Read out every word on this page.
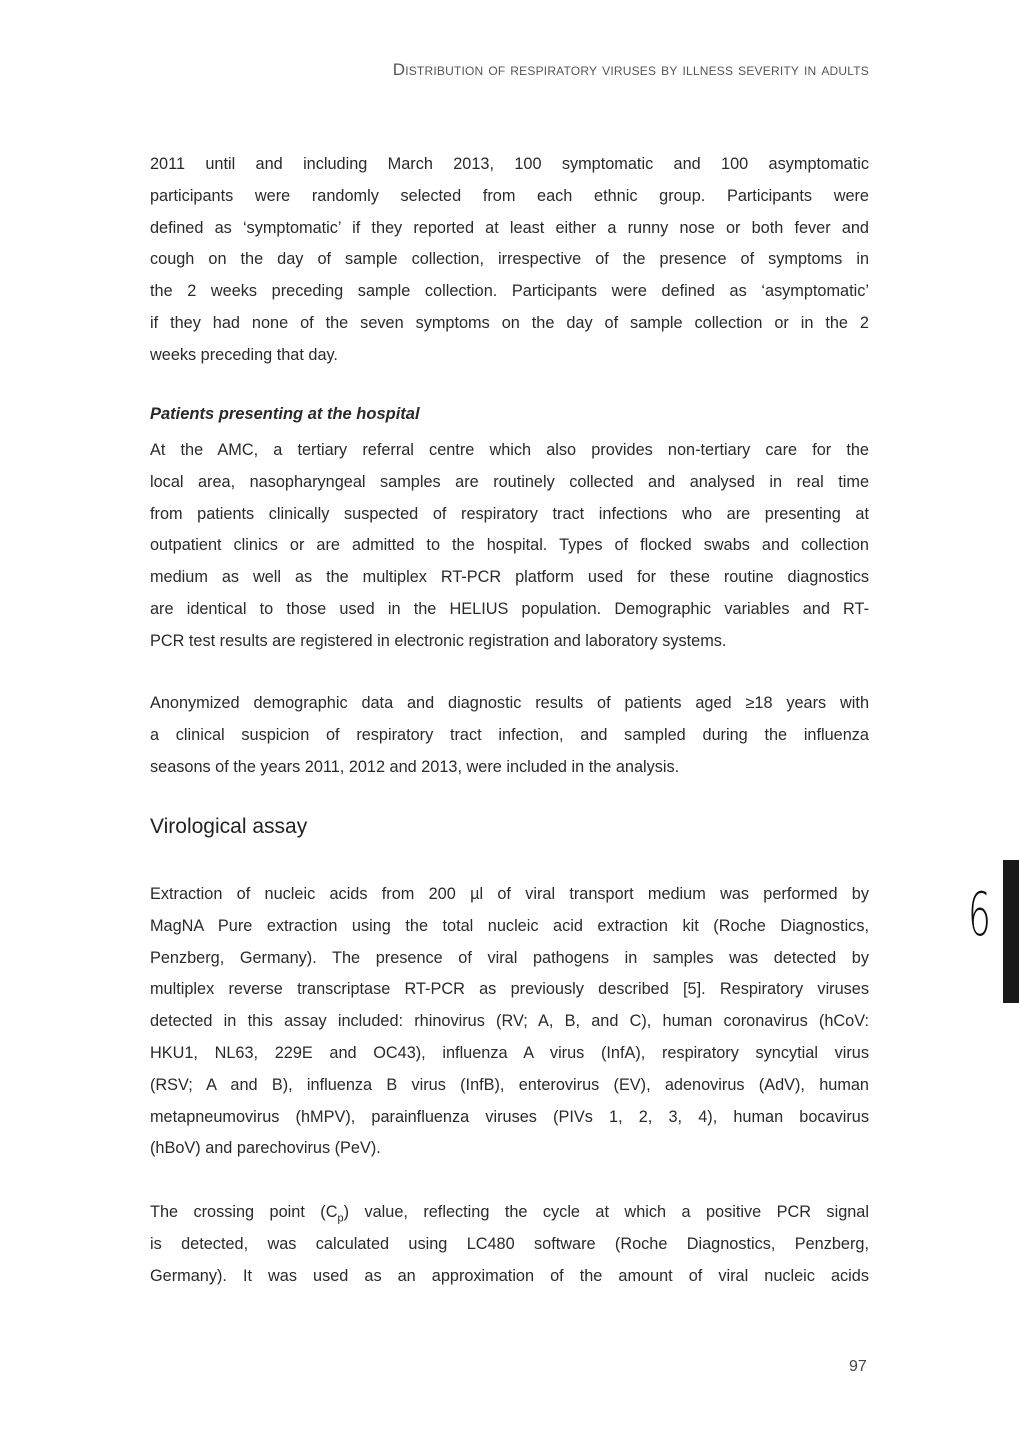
Distribution of respiratory viruses by illness severity in adults
2011 until and including March 2013, 100 symptomatic and 100 asymptomatic
participants were randomly selected from each ethnic group. Participants were
defined as ‘symptomatic’ if they reported at least either a runny nose or both fever and
cough on the day of sample collection, irrespective of the presence of symptoms in
the 2 weeks preceding sample collection. Participants were defined as ‘asymptomatic’
if they had none of the seven symptoms on the day of sample collection or in the 2
weeks preceding that day.
Patients presenting at the hospital
At the AMC, a tertiary referral centre which also provides non-tertiary care for the
local area, nasopharyngeal samples are routinely collected and analysed in real time
from patients clinically suspected of respiratory tract infections who are presenting at
outpatient clinics or are admitted to the hospital. Types of flocked swabs and collection
medium as well as the multiplex RT-PCR platform used for these routine diagnostics
are identical to those used in the HELIUS population. Demographic variables and RT-
PCR test results are registered in electronic registration and laboratory systems.
Anonymized demographic data and diagnostic results of patients aged ≥18 years with
a clinical suspicion of respiratory tract infection, and sampled during the influenza
seasons of the years 2011, 2012 and 2013, were included in the analysis.
Virological assay
Extraction of nucleic acids from 200 µl of viral transport medium was performed by
MagNA Pure extraction using the total nucleic acid extraction kit (Roche Diagnostics,
Penzberg, Germany). The presence of viral pathogens in samples was detected by
multiplex reverse transcriptase RT-PCR as previously described [5]. Respiratory viruses
detected in this assay included: rhinovirus (RV; A, B, and C), human coronavirus (hCoV:
HKU1, NL63, 229E and OC43), influenza A virus (InfA), respiratory syncytial virus
(RSV; A and B), influenza B virus (InfB), enterovirus (EV), adenovirus (AdV), human
metapneumovirus (hMPV), parainfluenza viruses (PIVs 1, 2, 3, 4), human bocavirus
(hBoV) and parechovirus (PeV).
The crossing point $(C_p)$ value, reflecting the cycle at which a positive PCR signal
is detected, was calculated using LC480 software (Roche Diagnostics, Penzberg,
Germany). It was used as an approximation of the amount of viral nucleic acids
6
97
